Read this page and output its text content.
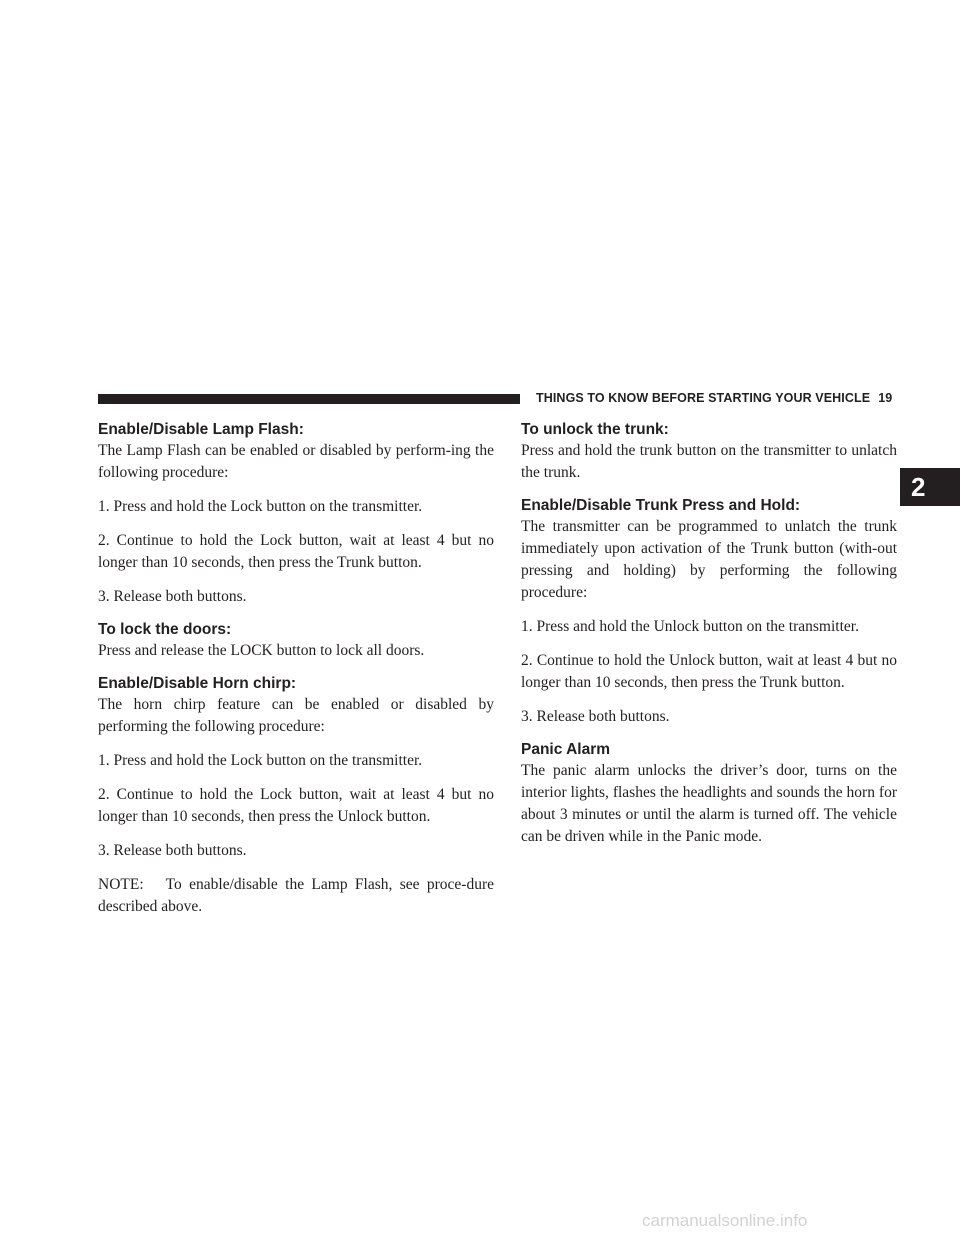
THINGS TO KNOW BEFORE STARTING YOUR VEHICLE 19
2
Enable/Disable Lamp Flash:

The Lamp Flash can be enabled or disabled by perform-ing the following procedure:

1. Press and hold the Lock button on the transmitter.

2. Continue to hold the Lock button, wait at least 4 but no longer than 10 seconds, then press the Trunk button.

3. Release both buttons.

To lock the doors:

Press and release the LOCK button to lock all doors.

Enable/Disable Horn chirp:

The horn chirp feature can be enabled or disabled by performing the following procedure:

1. Press and hold the Lock button on the transmitter.

2. Continue to hold the Lock button, wait at least 4 but no longer than 10 seconds, then press the Unlock button.

3. Release both buttons.

NOTE: To enable/disable the Lamp Flash, see proce-dure described above.

To unlock the trunk:

Press and hold the trunk button on the transmitter to unlatch the trunk.

Enable/Disable Trunk Press and Hold:

The transmitter can be programmed to unlatch the trunk immediately upon activation of the Trunk button (with-out pressing and holding) by performing the following procedure:

1. Press and hold the Unlock button on the transmitter.

2. Continue to hold the Unlock button, wait at least 4 but no longer than 10 seconds, then press the Trunk button.

3. Release both buttons.

Panic Alarm

The panic alarm unlocks the driver’s door, turns on the interior lights, flashes the headlights and sounds the horn for about 3 minutes or until the alarm is turned off. The vehicle can be driven while in the Panic mode.

carmanualsonline.info
